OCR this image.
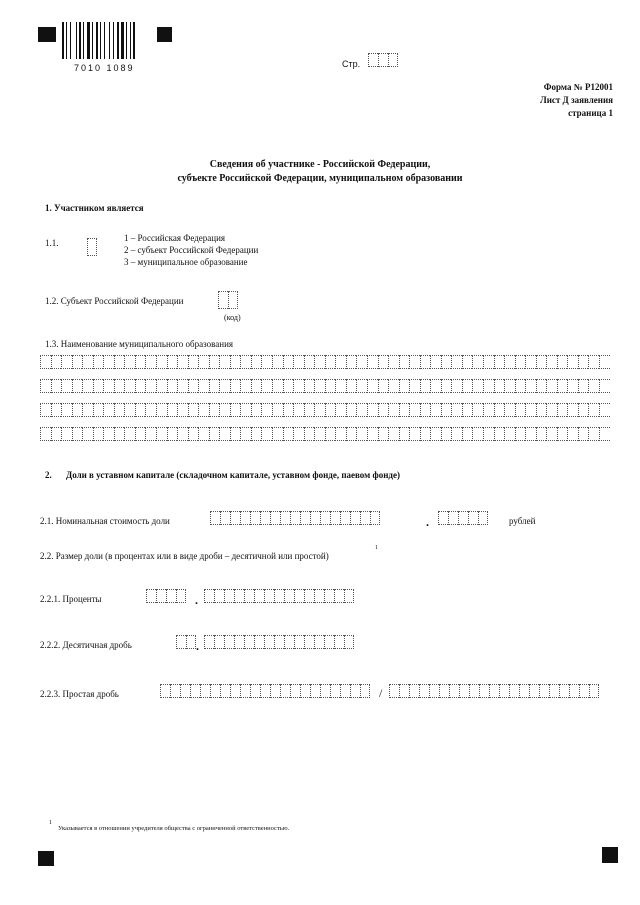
7010 1089	Стр.
Форма № Р12001
Лист Д заявления
страница 1
Сведения об участнике - Российской Федерации,
субъекте Российской Федерации, муниципальном образовании
1. Участником является
1.1.	1 – Российская Федерация
2 – субъект Российской Федерации
3 – муниципальное образование
1.2. Субъект Российской Федерации
(код)
1.3. Наименование муниципального образования
2. Доли в уставном капитале (складочном капитале, уставном фонде, паевом фонде)
2.1. Номинальная стоимость доли	.	рублей
2.2. Размер доли (в процентах или в виде дроби – десятичной или простой)
1
2.2.1. Проценты	.
2.2.2. Десятичная дробь	.
2.2.3. Простая дробь	/
1
Указывается в отношении учредителя общества с ограниченной ответственностью.
